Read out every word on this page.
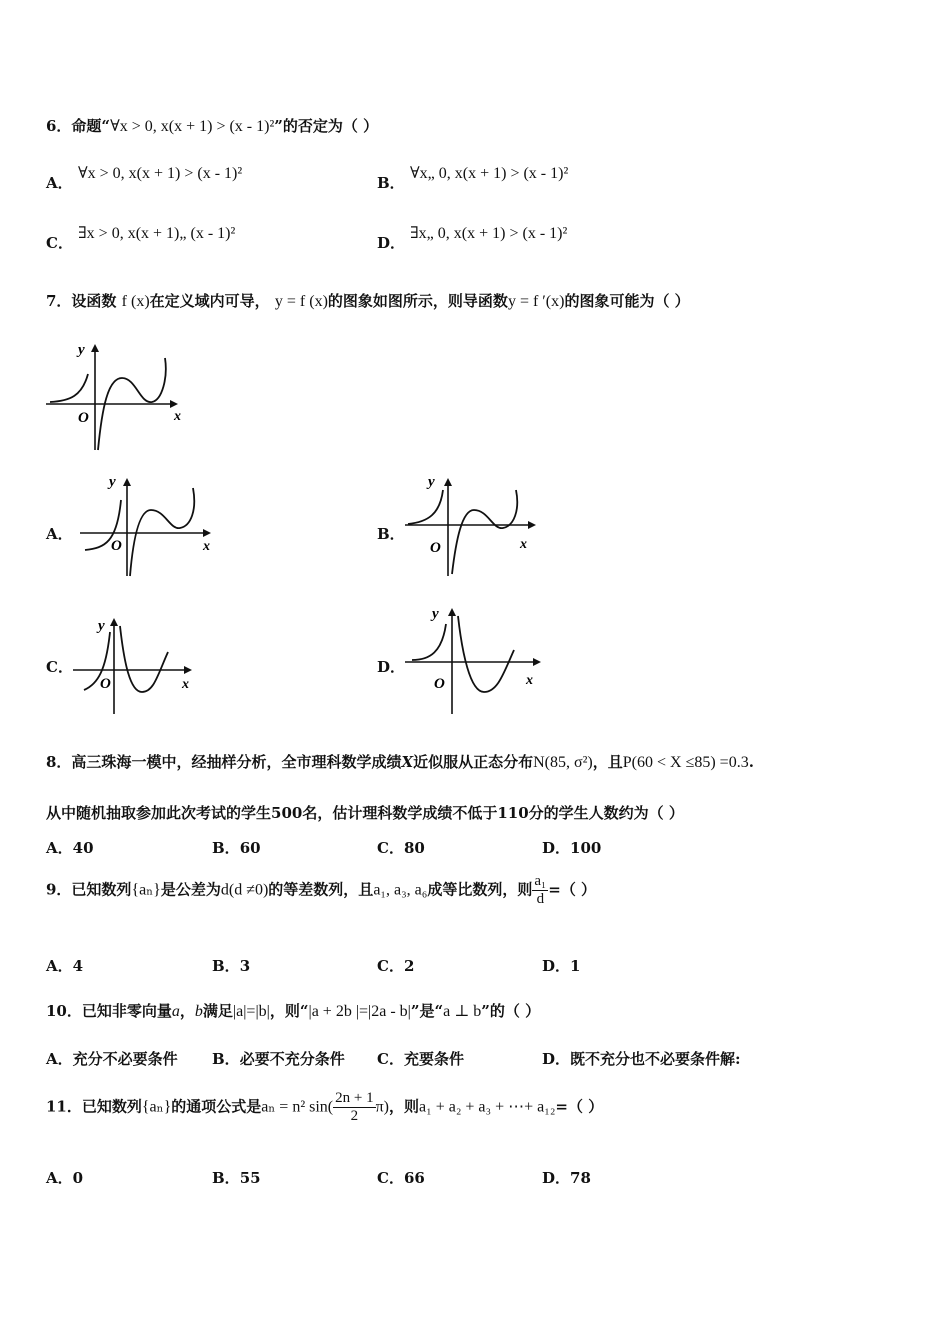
6．命题“∀x > 0, x(x + 1) > (x - 1)²”的否定为（ ）
A．
∀x > 0, x(x + 1) > (x - 1)²
B．
∀x„ 0, x(x + 1) > (x - 1)²
C．
∃x > 0, x(x + 1)„ (x - 1)²
D．
∃x„ 0, x(x + 1) > (x - 1)²
7．设函数 f (x)在定义域内可导， y = f (x)的图象如图所示，则导函数y = f ′(x)的图象可能为（ ）
y
x
O
A．
y
x
O
B．
y
x
O
C．
y
x
O
D．
y
x
O
8．高三珠海一模中，经抽样分析，全市理科数学成绩X近似服从正态分布N(85, σ²)，且P(60 < X ≤85) =0.3.
从中随机抽取参加此次考试的学生500名，估计理科数学成绩不低于110分的学生人数约为（ ）
A．40	B．60	C．80	D．100
9．已知数列{aₙ}是公差为d(d ≠0)的等差数列，且a₁, a₃, a₆成等比数列，则 $\frac{\text{a₁}}{d}$ =（ ）
A．4	B．3	C．2	D．1
10．已知非零向量a，b满足|a|=|b|，则“|a + 2b |=|2a - b|”是“a ⊥ b”的（ ）
A．充分不必要条件 B．必要不充分条件 C．充要条件	D．既不充分也不必要条件解:
11．已知数列{aₙ}的通项公式是aₙ = n² $\sin( \frac{2n + 1}{2} \pi)$，则a₁ + a₂ + a₃ + ⋯+ a₁₂=（ ）
A．0	B．55	C．66	D．78
